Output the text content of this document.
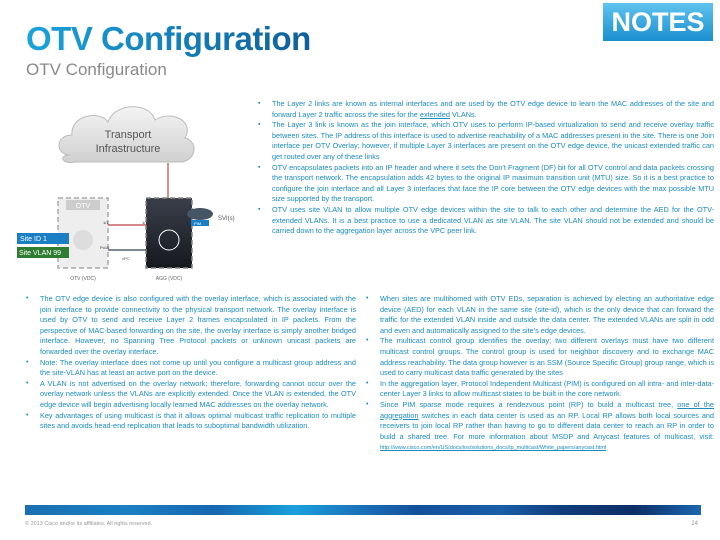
OTV Configuration
OTV Configuration
NOTES
Transport
Infrastructure
OTV
SVI(s)
1/1	1/1
Po10
vPC
PIM
Site ID 1
Site VLAN 99
OTV (VDC)	AGG (VDC)
▪ The Layer 2 links are known as internal interfaces and are used by the OTV edge device to learn the MAC addresses of the site and forward Layer 2 traffic across the sites for the extended VLANs.
▪ The Layer 3 link is known as the join interface, which OTV uses to perform IP-based virtualization to send and receive overlay traffic between sites. The IP address of this interface is used to advertise reachability of a MAC addresses present in the site. There is one Join interface per OTV Overlay; however, if multiple Layer 3 interfaces are present on the OTV edge device, the unicast extended traffic can get routed over any of these links
▪ OTV encapsulates packets into an IP header and where it sets the Don't Fragment (DF) bit for all OTV control and data packets crossing the transport network. The encapsulation adds 42 bytes to the original IP maximum transition unit (MTU) size. So it is a best practice to configure the join interface and all Layer 3 interfaces that face the IP core between the OTV edge devices with the max possible MTU size supported by the transport.
▪ OTV uses site VLAN to allow multiple OTV edge devices within the site to talk to each other and determine the AED for the OTV-extended VLANs. It is a best practice to use a dedicated VLAN as site VLAN. The site VLAN should not be extended and should be carried down to the aggregation layer across the VPC peer link.
• The OTV edge device is also configured with the overlay interface, which is associated with the join interface to provide connectivity to the physical transport network. The overlay interface is used by OTV to send and receive Layer 2 frames encapsulated in IP packets. From the perspective of MAC-based forwarding on the site, the overlay interface is simply another bridged interface. However, no Spanning Tree Protocol packets or unknown unicast packets are forwarded over the overlay interface.
• Note: The overlay interface does not come up until you configure a multicast group address and the site-VLAN has at least an active port on the device.
• A VLAN is not advertised on the overlay network; therefore, forwarding cannot occur over the overlay network unless the VLANs are explicitly extended. Once the VLAN is extended, the OTV edge device will begin advertising locally learned MAC addresses on the overlay network.
• Key advantages of using multicast is that it allows optimal multicast traffic replication to multiple sites and avoids head-end replication that leads to suboptimal bandwidth utilization.
• When sites are multihomed with OTV EDs, separation is achieved by electing an authoritative edge device (AED) for each VLAN in the same site (site-id), which is the only device that can forward the traffic for the extended VLAN inside and outside the data center. The extended VLANs are split in odd and even and automatically assigned to the site's edge devices.
• The multicast control group identifies the overlay; two different overlays must have two different multicast control groups. The control group is used for neighbor discovery and to exchange MAC address reachability. The data group however is an SSM (Source Specific Group) group range, which is used to carry multicast data traffic generated by the sites
• In the aggregation layer, Protocol Independent Multicast (PIM) is configured on all intra- and inter-data-center Layer 3 links to allow multicast states to be built in the core network.
• Since PIM sparse mode requires a rendezvous point (RP) to build a multicast tree, one of the aggregation switches in each data center is used as an RP. Local RP allows both local sources and receivers to join local RP rather than having to go to different data center to reach an RP in order to build a shared tree. For more information about MSDP and Anycast features of multicast, visit: http://www.cisco.com/en/US/docs/ios/solutions_docs/ip_multicast/White_papers/anycast.html
© 2013 Cisco and/or its affiliates. All rights reserved.	24
